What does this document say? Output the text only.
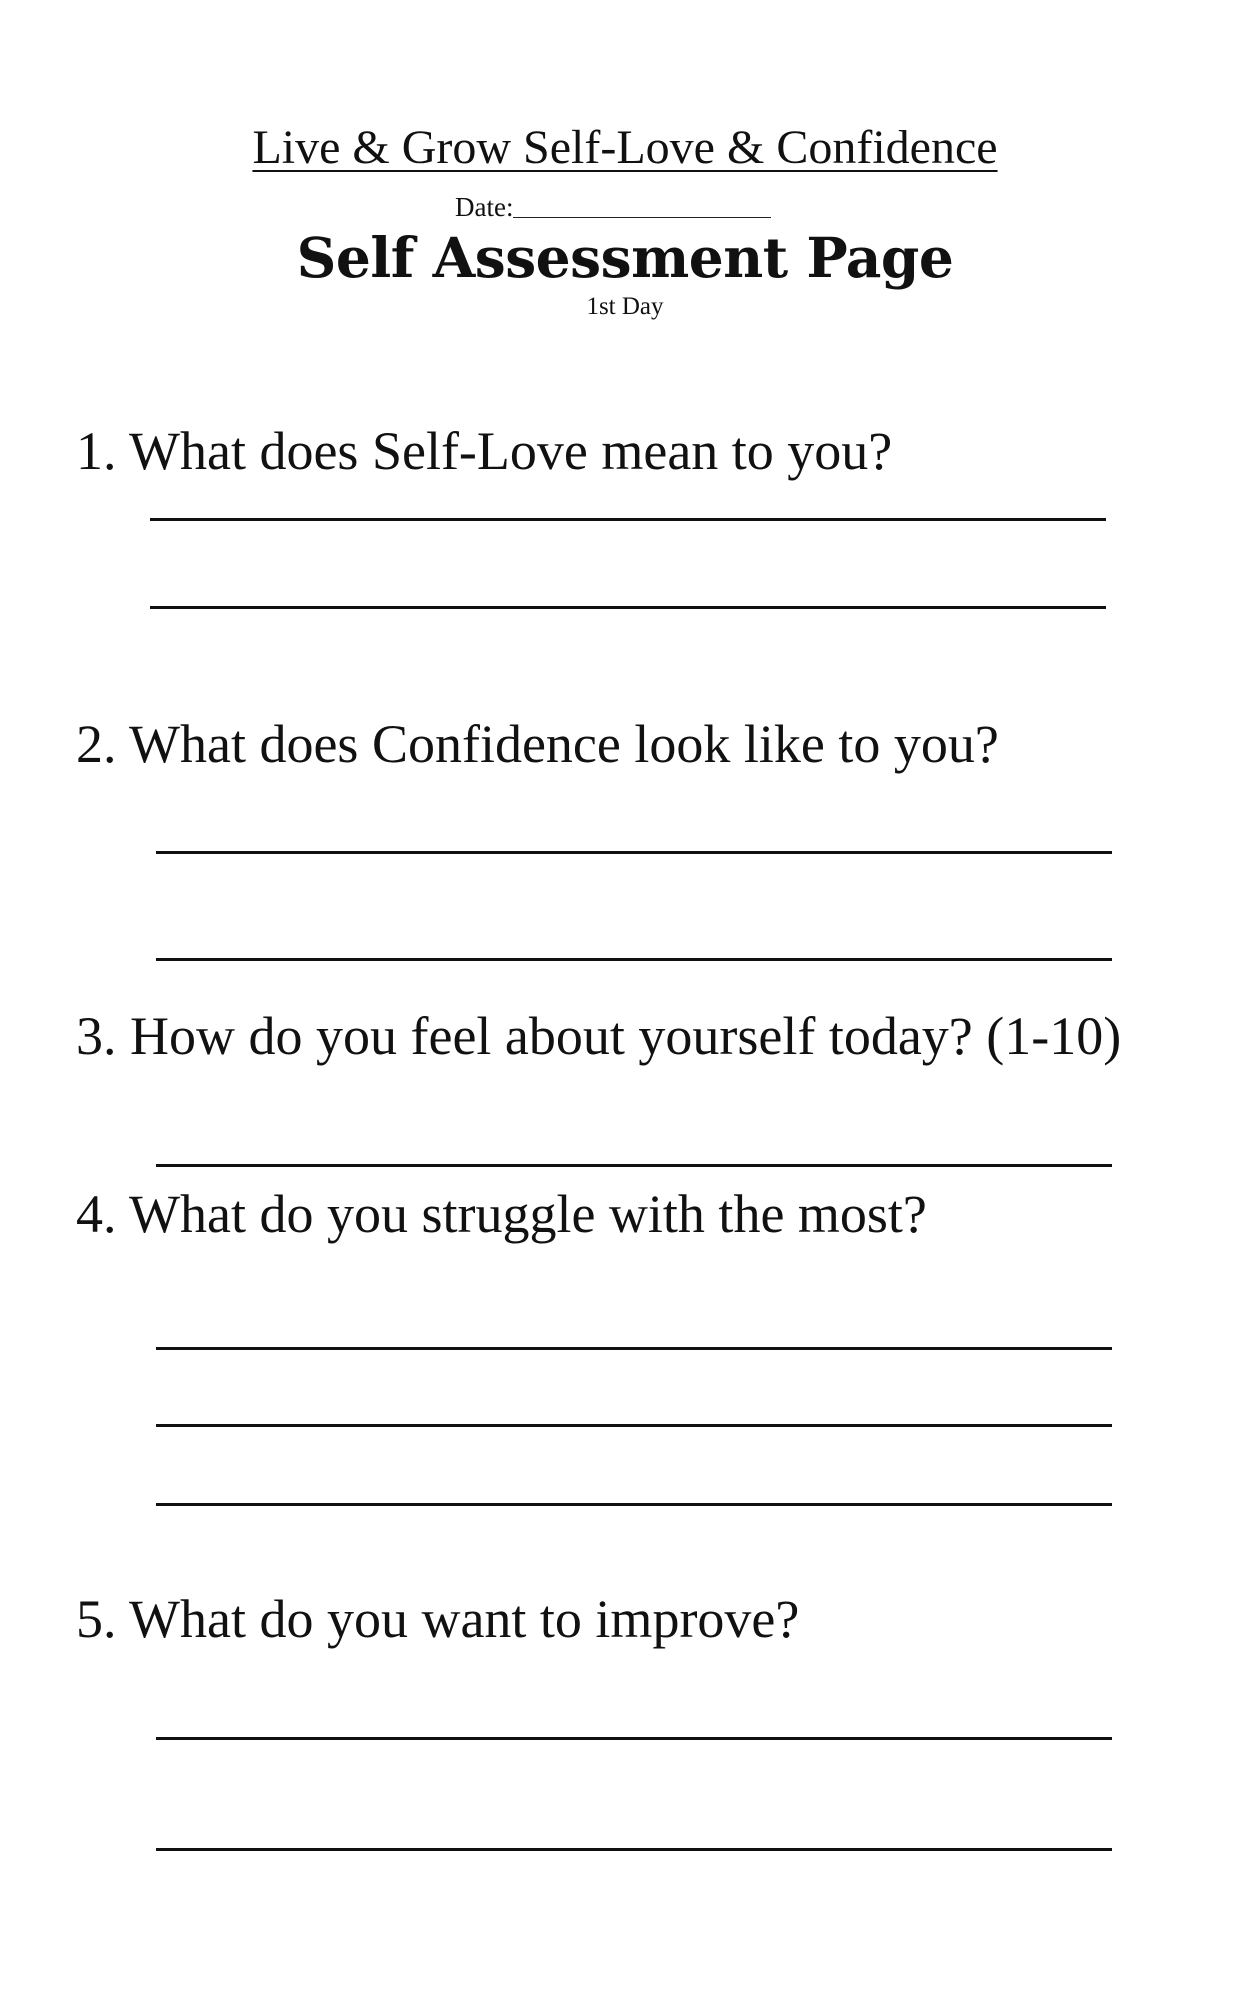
Live & Grow Self-Love & Confidence
Date:
Self Assessment Page
1st Day
1. What does Self-Love mean to you?
2. What does Confidence look like to you?
3. How do you feel about yourself today? (1-10)
4. What do you struggle with the most?
5. What do you want to improve?
